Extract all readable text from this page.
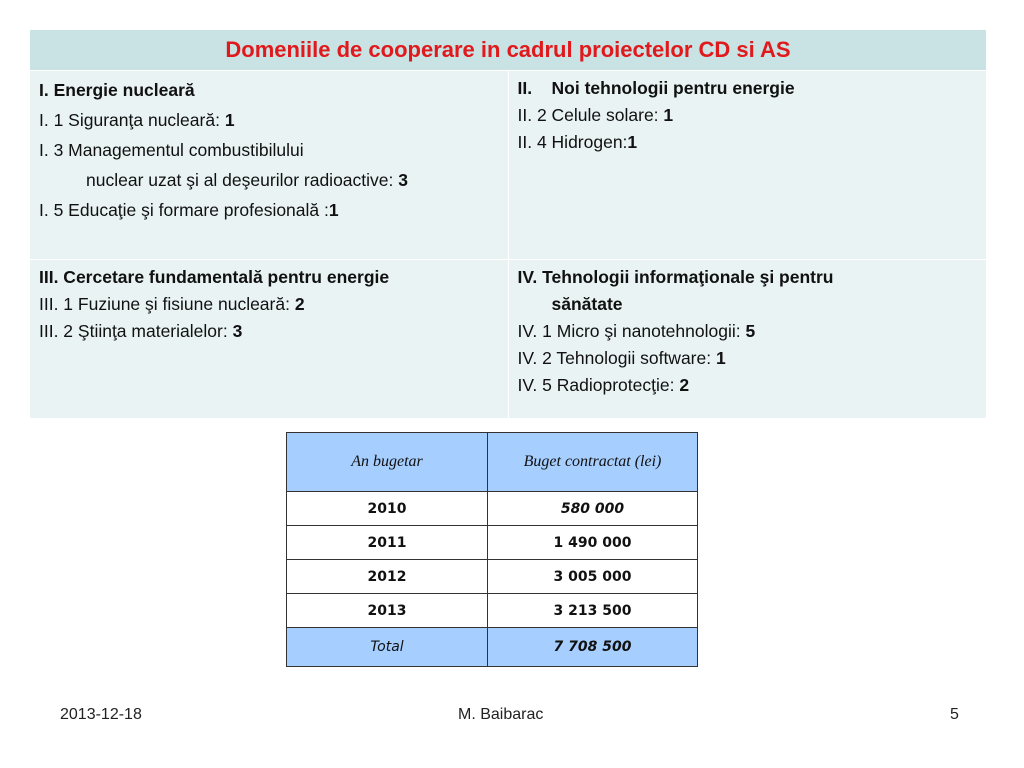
Domeniile de cooperare in cadrul proiectelor CD si AS	

I. Energie nucleară
I. 1 Siguranţa nucleară: 1
I. 3 Managementul combustibilului
nuclear uzat şi al deşeurilor radioactive: 3
I. 5 Educaţie şi formare profesională :1	II.    Noi tehnologii pentru energie
II. 2 Celule solare: 1
II. 4 Hidrogen:1

III. Cercetare fundamentală pentru energie
III. 1 Fuziune şi fisiune nucleară: 2
III. 2 Ştiinţa materialelor: 3	IV. Tehnologii informaţionale şi pentru
sănătate
IV. 1 Micro şi nanotehnologii: 5
IV. 2 Tehnologii software: 1
IV. 5 Radioprotecţie: 2
An bugetar	Buget contractat (lei)
2010	580 000
2011	1 490 000
2012	3 005 000
2013	3 213 500
Total	7 708 500
2013-12-18	M. Baibarac	5
